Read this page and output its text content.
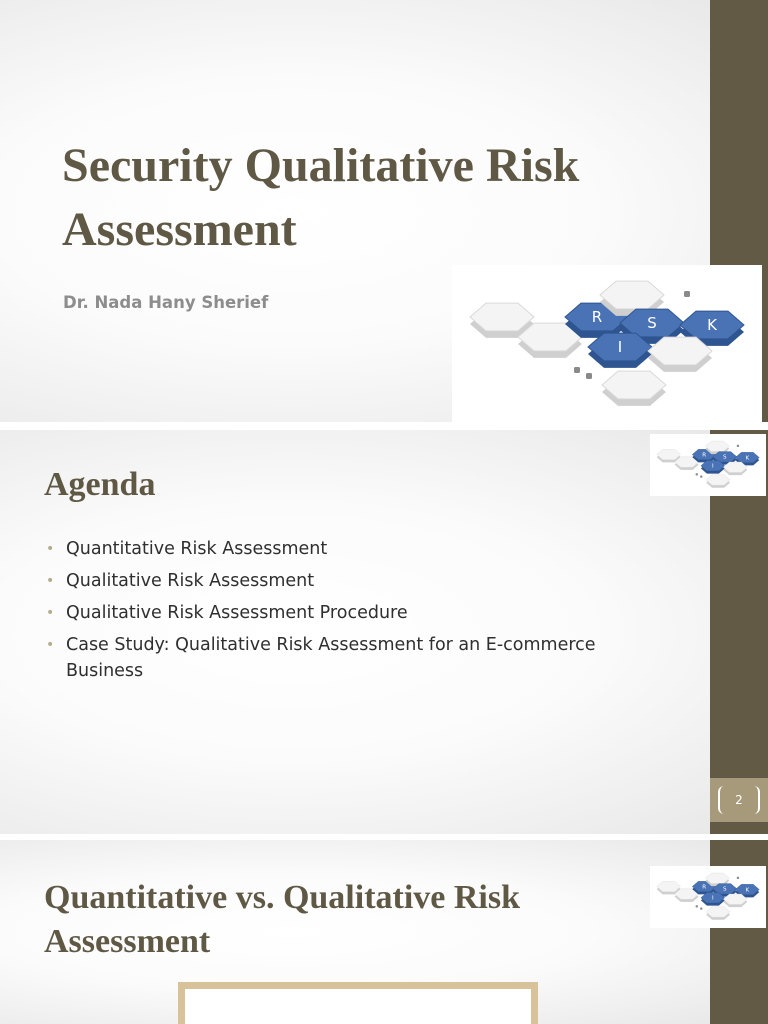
Security Qualitative Risk Assessment
Dr. Nada Hany Sherief
R	S
I
K
2
Agenda
• Quantitative Risk Assessment
• Qualitative Risk Assessment
• Qualitative Risk Assessment Procedure
• Case Study: Qualitative Risk Assessment for an E-commerce Business
R S
I
K
Quantitative vs. Qualitative Risk Assessment
R S
I
K
